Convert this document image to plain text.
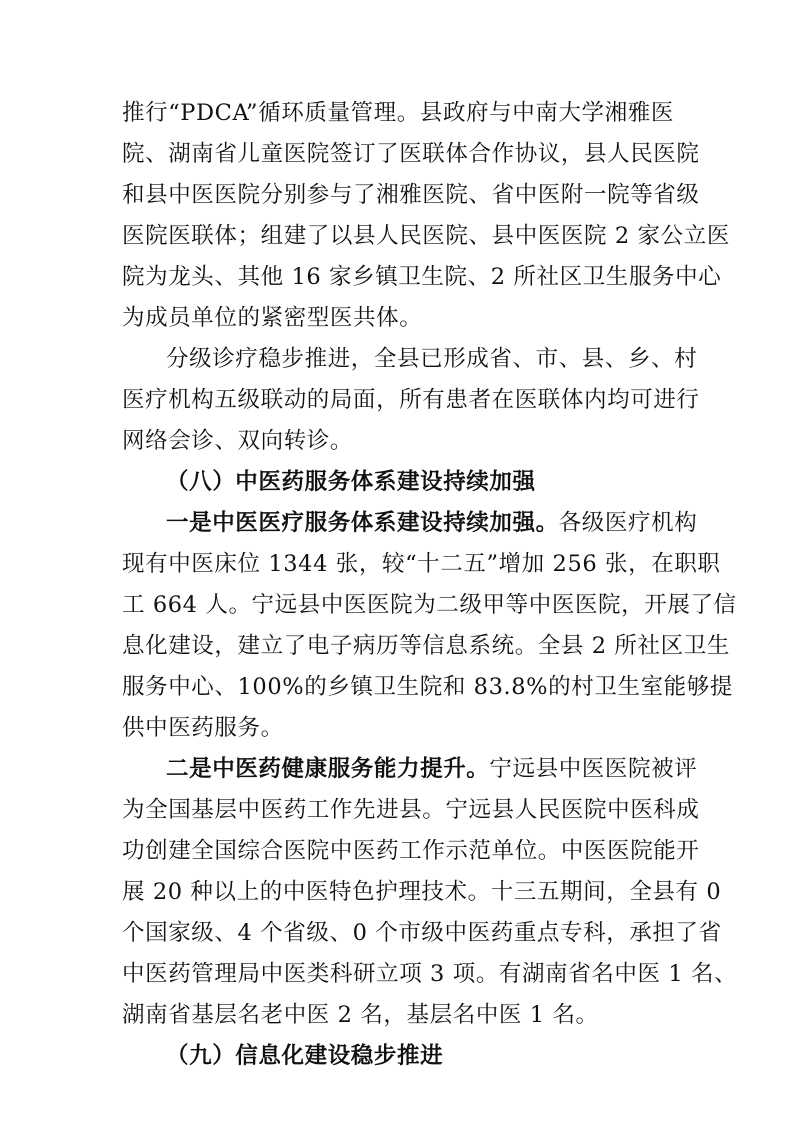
推行“PDCA”循环质量管理。县政府与中南大学湘雅医
院、湖南省儿童医院签订了医联体合作协议，县人民医院
和县中医医院分别参与了湘雅医院、省中医附一院等省级
医院医联体；组建了以县人民医院、县中医医院 2 家公立医
院为龙头、其他 16 家乡镇卫生院、2 所社区卫生服务中心
为成员单位的紧密型医共体。
分级诊疗稳步推进，全县已形成省、市、县、乡、村
医疗机构五级联动的局面，所有患者在医联体内均可进行
网络会诊、双向转诊。
（八）中医药服务体系建设持续加强
一是中医医疗服务体系建设持续加强。各级医疗机构
现有中医床位 1344 张，较“十二五”增加 256 张，在职职
工 664 人。宁远县中医医院为二级甲等中医医院，开展了信
息化建设，建立了电子病历等信息系统。全县 2 所社区卫生
服务中心、100%的乡镇卫生院和 83.8%的村卫生室能够提
供中医药服务。
二是中医药健康服务能力提升。宁远县中医医院被评
为全国基层中医药工作先进县。宁远县人民医院中医科成
功创建全国综合医院中医药工作示范单位。中医医院能开
展 20 种以上的中医特色护理技术。十三五期间，全县有 0
个国家级、4 个省级、0 个市级中医药重点专科，承担了省
中医药管理局中医类科研立项 3 项。有湖南省名中医 1 名、
湖南省基层名老中医 2 名，基层名中医 1 名。
（九）信息化建设稳步推进
